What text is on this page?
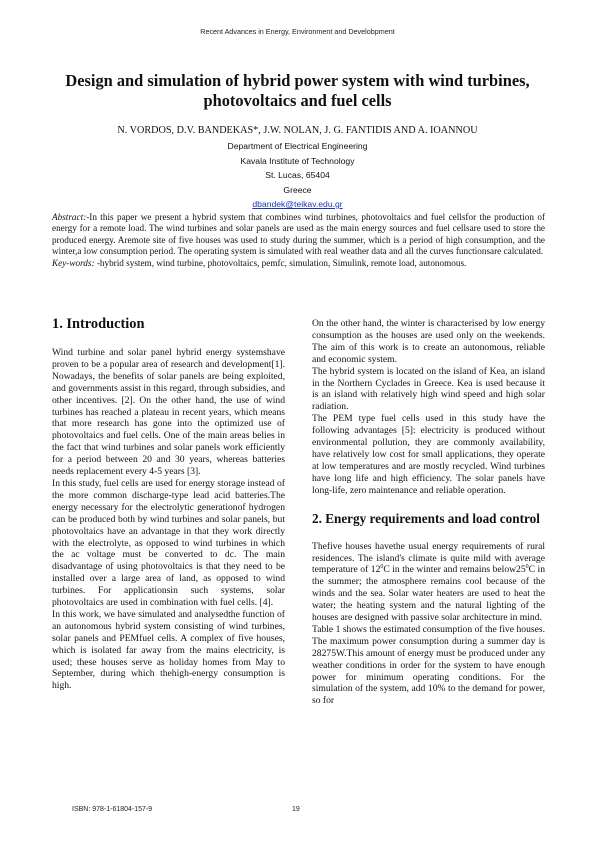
Recent Advances in Energy, Environment and Develobpment
Design and simulation of hybrid power system with wind turbines,
photovoltaics and fuel cells
N. VORDOS, D.V. BANDEKAS*, J.W. NOLAN, J. G. FANTIDIS AND A. IOANNOU
Department of Electrical Engineering
Kavala Institute of Technology
St. Lucas, 65404
Greece
dbandek@teikav.edu.gr
Abstract:-In this paper we present a hybrid system that combines wind turbines, photovoltaics and fuel cellsfor the production of energy for a remote load. The wind turbines and solar panels are used as the main energy sources and fuel cellsare used to store the produced energy. Aremote site of five houses was used to study during the summer, which is a period of high consumption, and the winter,a low consumption period. The operating system is simulated with real weather data and all the curves functionsare calculated.
Key-words: -hybrid system, wind turbine, photovoltaics, pemfc, simulation, Simulink, remote load, autonomous.
1. Introduction

Wind turbine and solar panel hybrid energy systemshave proven to be a popular area of research and development[1]. Nowadays, the benefits of solar panels are being exploited, and governments assist in this regard, through subsidies, and other incentives. [2]. On the other hand, the use of wind turbines has reached a plateau in recent years, which means that more research has gone into the optimized use of photovoltaics and fuel cells. One of the main areas belies in the fact that wind turbines and solar panels work efficiently for a period between 20 and 30 years, whereas batteries needs replacement every 4-5 years [3].

In this study, fuel cells are used for energy storage instead of the more common discharge-type lead acid batteries.The energy necessary for the electrolytic generationof hydrogen can be produced both by wind turbines and solar panels, but photovoltaics have an advantage in that they work directly with the electrolyte, as opposed to wind turbines in which the ac voltage must be converted to dc. The main disadvantage of using photovoltaics is that they need to be installed over a large area of land, as opposed to wind turbines. For applicationsin such systems, solar photovoltaics are used in combination with fuel cells. [4].

In this work, we have simulated and analysedthe function of an autonomous hybrid system consisting of wind turbines, solar panels and PEMfuel cells. A complex of five houses, which is isolated far away from the mains electricity, is used; these houses serve as holiday homes from May to September, during which thehigh-energy consumption is high.

On the other hand, the winter is characterised by low energy consumption as the houses are used only on the weekends. The aim of this work is to create an autonomous, reliable and economic system.

The hybrid system is located on the island of Kea, an island in the Northern Cyclades in Greece. Kea is used because it is an island with relatively high wind speed and high solar radiation.

The PEM type fuel cells used in this study have the following advantages [5]: electricity is produced without environmental pollution, they are commonly availability, have relatively low cost for small applications, they operate at low temperatures and are mostly recycled. Wind turbines have long life and high efficiency. The solar panels have long-life, zero maintenance and reliable operation.

2. Energy requirements and load control

Thefive houses havethe usual energy requirements of rural residences. The island's climate is quite mild with average temperature of $12^0C$ in the winter and remains $below25^0C$ in the summer; the atmosphere remains cool because of the winds and the sea. Solar water heaters are used to heat the water; the heating system and the natural lighting of the houses are designed with passive solar architecture in mind.

Table 1 shows the estimated consumption of the five houses. The maximum power consumption during a summer day is 28275W.This amount of energy must be produced under any weather conditions in order for the system to have enough power for minimum operating conditions. For the simulation of the system, add 10% to the demand for power, so for

ISBN: 978-1-61804-157-9	19
